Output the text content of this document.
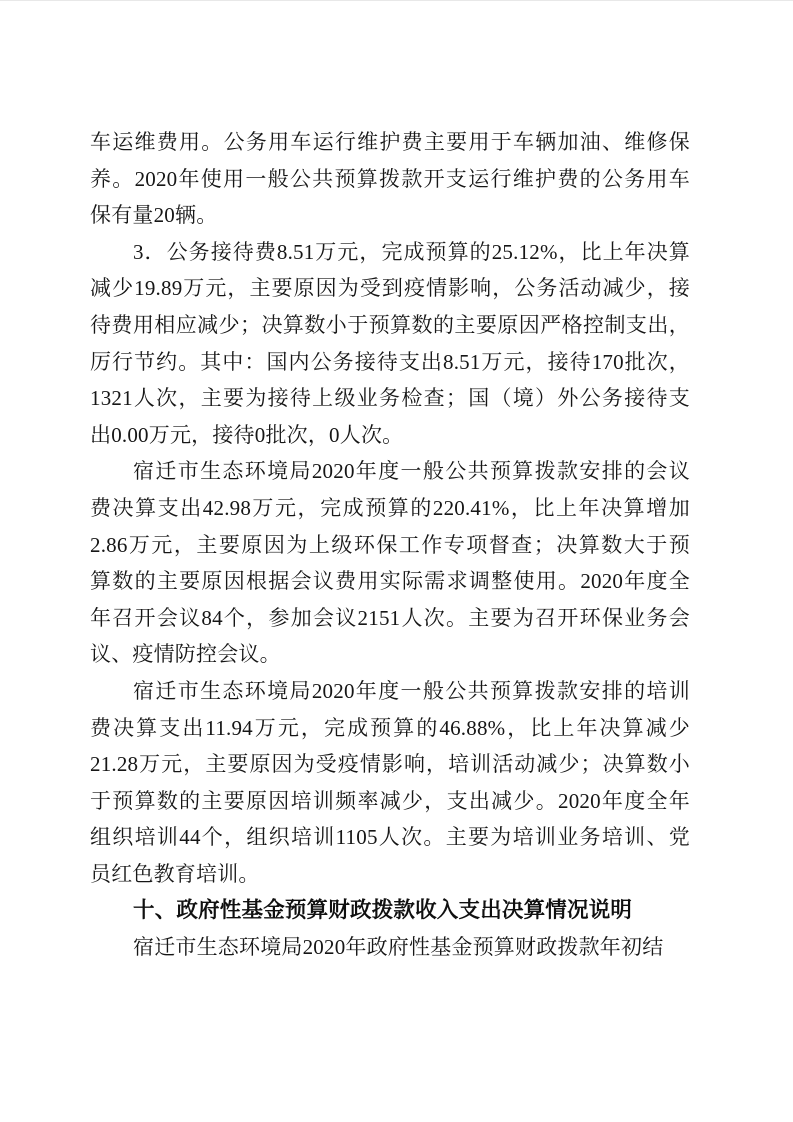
车运维费用。公务用车运行维护费主要用于车辆加油、维修保
养。2020年使用一般公共预算拨款开支运行维护费的公务用车
保有量20辆。
3．公务接待费8.51万元，完成预算的25.12%，比上年决算
减少19.89万元，主要原因为受到疫情影响，公务活动减少，接
待费用相应减少；决算数小于预算数的主要原因严格控制支出，
厉行节约。其中：国内公务接待支出8.51万元，接待170批次，
1321人次，主要为接待上级业务检查；国（境）外公务接待支
出0.00万元，接待0批次，0人次。
宿迁市生态环境局2020年度一般公共预算拨款安排的会议
费决算支出42.98万元，完成预算的220.41%，比上年决算增加
2.86万元，主要原因为上级环保工作专项督查；决算数大于预
算数的主要原因根据会议费用实际需求调整使用。2020年度全
年召开会议84个，参加会议2151人次。主要为召开环保业务会
议、疫情防控会议。
宿迁市生态环境局2020年度一般公共预算拨款安排的培训
费决算支出11.94万元，完成预算的46.88%，比上年决算减少
21.28万元，主要原因为受疫情影响，培训活动减少；决算数小
于预算数的主要原因培训频率减少，支出减少。2020年度全年
组织培训44个，组织培训1105人次。主要为培训业务培训、党
员红色教育培训。
十、政府性基金预算财政拨款收入支出决算情况说明
宿迁市生态环境局2020年政府性基金预算财政拨款年初结
